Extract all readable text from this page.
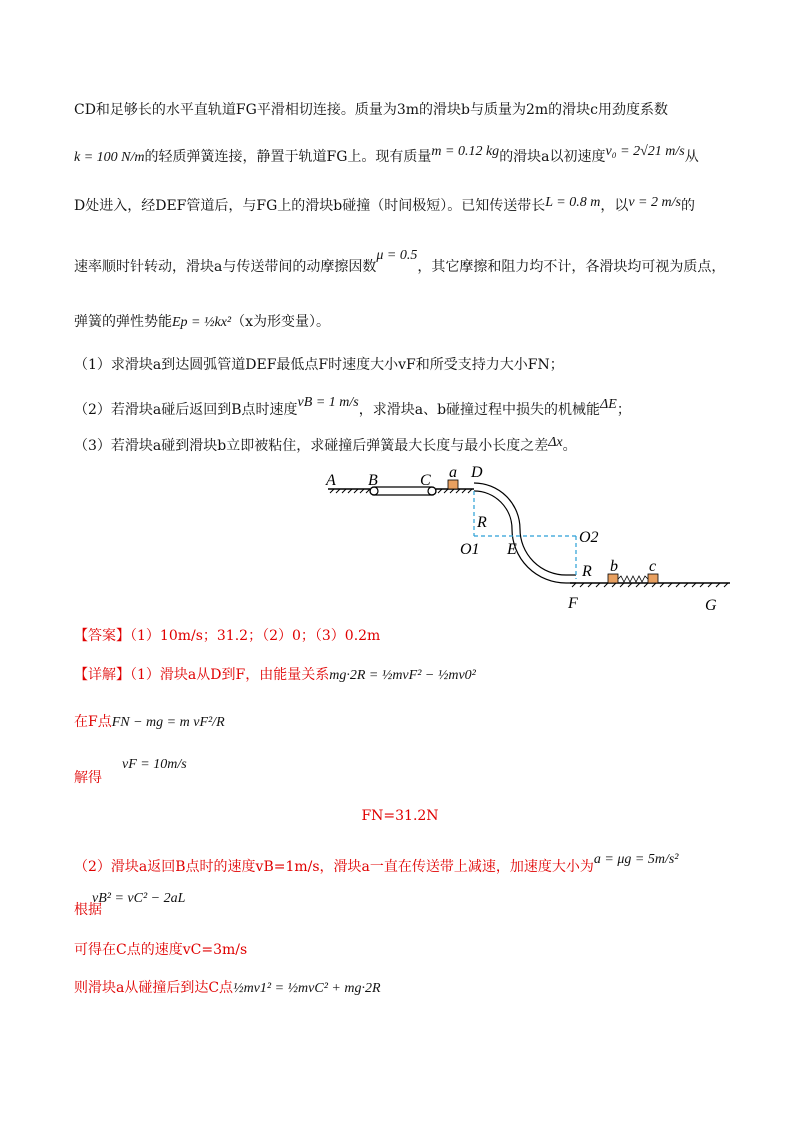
CD和足够长的水平直轨道FG平滑相切连接。质量为3m的滑块b与质量为2m的滑块c用劲度系数
k = 100 N/m的轻质弹簧连接，静置于轨道FG上。现有质量m = 0.12 kg的滑块a以初速度v₀ = 2√21 m/s从
D处进入，经DEF管道后，与FG上的滑块b碰撞（时间极短）。已知传送带长L = 0.8 m，以v = 2 m/s的
速率顺时针转动，滑块a与传送带间的动摩擦因数μ = 0.5，其它摩擦和阻力均不计，各滑块均可视为质点，
弹簧的弹性势能Ep = ½kx²（x为形变量）。
（1）求滑块a到达圆弧管道DEF最低点F时速度大小vF和所受支持力大小FN；
（2）若滑块a碰后返回到B点时速度vB = 1 m/s，求滑块a、b碰撞过程中损失的机械能ΔE；
（3）若滑块a碰到滑块b立即被粘住，求碰撞后弹簧最大长度与最小长度之差Δx。
A B	C a D
R
O1 E
O2
R
F
b c
G
【答案】（1）10m/s；31.2；（2）0；（3）0.2m
【详解】（1）滑块a从D到F，由能量关系mg·2R = ½mvF² − ½mv0²
在F点FN − mg = m vF²/R
vF = 10m/s
解得
FN=31.2N
（2）滑块a返回B点时的速度vB=1m/s，滑块a一直在传送带上减速，加速度大小为a = μg = 5m/s²
vB² = vC² − 2aL
根据
可得在C点的速度vC=3m/s
则滑块a从碰撞后到达C点½mv1² = ½mvC² + mg·2R
